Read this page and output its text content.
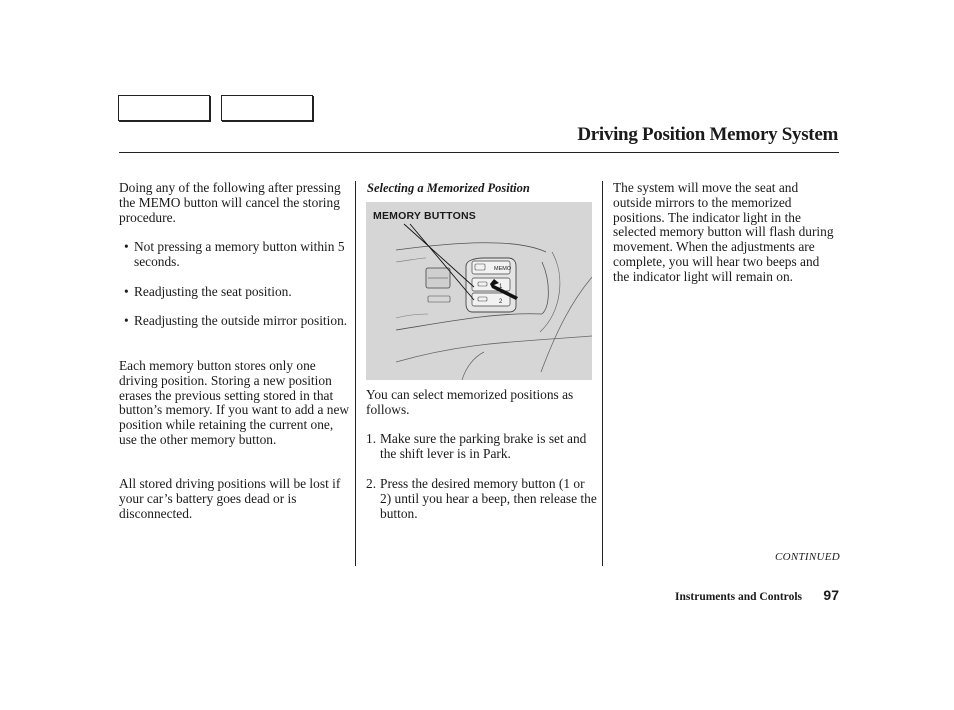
Driving Position Memory System

Doing any of the following after pressing the MEMO button will cancel the storing procedure.

• Not pressing a memory button within 5 seconds.
• Readjusting the seat position.
• Readjusting the outside mirror position.

Each memory button stores only one driving position. Storing a new position erases the previous setting stored in that button’s memory. If you want to add a new position while retaining the current one, use the other memory button.

All stored driving positions will be lost if your car’s battery goes dead or is disconnected.

Selecting a Memorized Position
MEMO
1
2
MEMORY BUTTONS

You can select memorized positions as follows.

1. Make sure the parking brake is set and the shift lever is in Park.
2. Press the desired memory button (1 or 2) until you hear a beep, then release the button.

The system will move the seat and outside mirrors to the memorized positions. The indicator light in the selected memory button will flash during movement. When the adjustments are complete, you will hear two beeps and the indicator light will remain on.

CONTINUED
Instruments and Controls 97
